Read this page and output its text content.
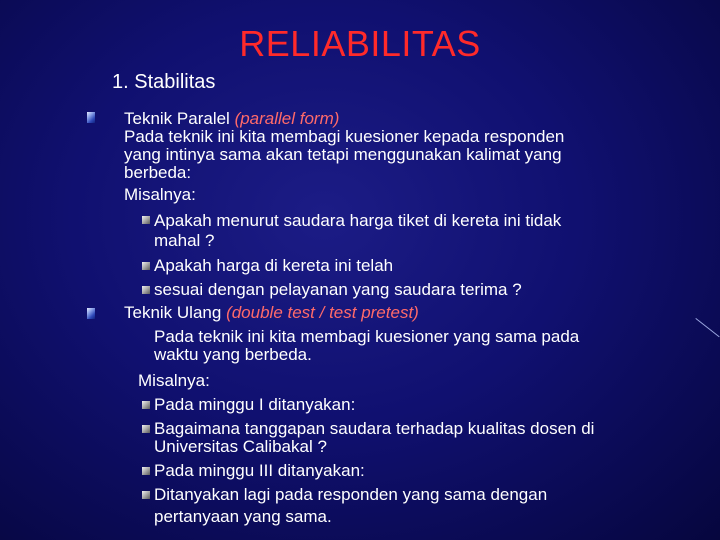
RELIABILITAS
1. Stabilitas
Teknik Paralel (parallel form)
Pada teknik ini kita membagi kuesioner kepada responden
yang intinya sama akan tetapi menggunakan kalimat yang
berbeda:
Misalnya:
Apakah menurut saudara harga tiket di kereta ini tidak
mahal ?
Apakah harga di kereta ini telah
sesuai dengan pelayanan yang saudara terima ?
Teknik Ulang (double test / test pretest)
Pada teknik ini kita membagi kuesioner yang sama pada
waktu yang berbeda.
Misalnya:
Pada minggu I ditanyakan:
Bagaimana tanggapan saudara terhadap kualitas dosen di
Universitas Calibakal ?
Pada minggu III ditanyakan:
Ditanyakan lagi pada responden yang sama dengan
pertanyaan yang sama.
